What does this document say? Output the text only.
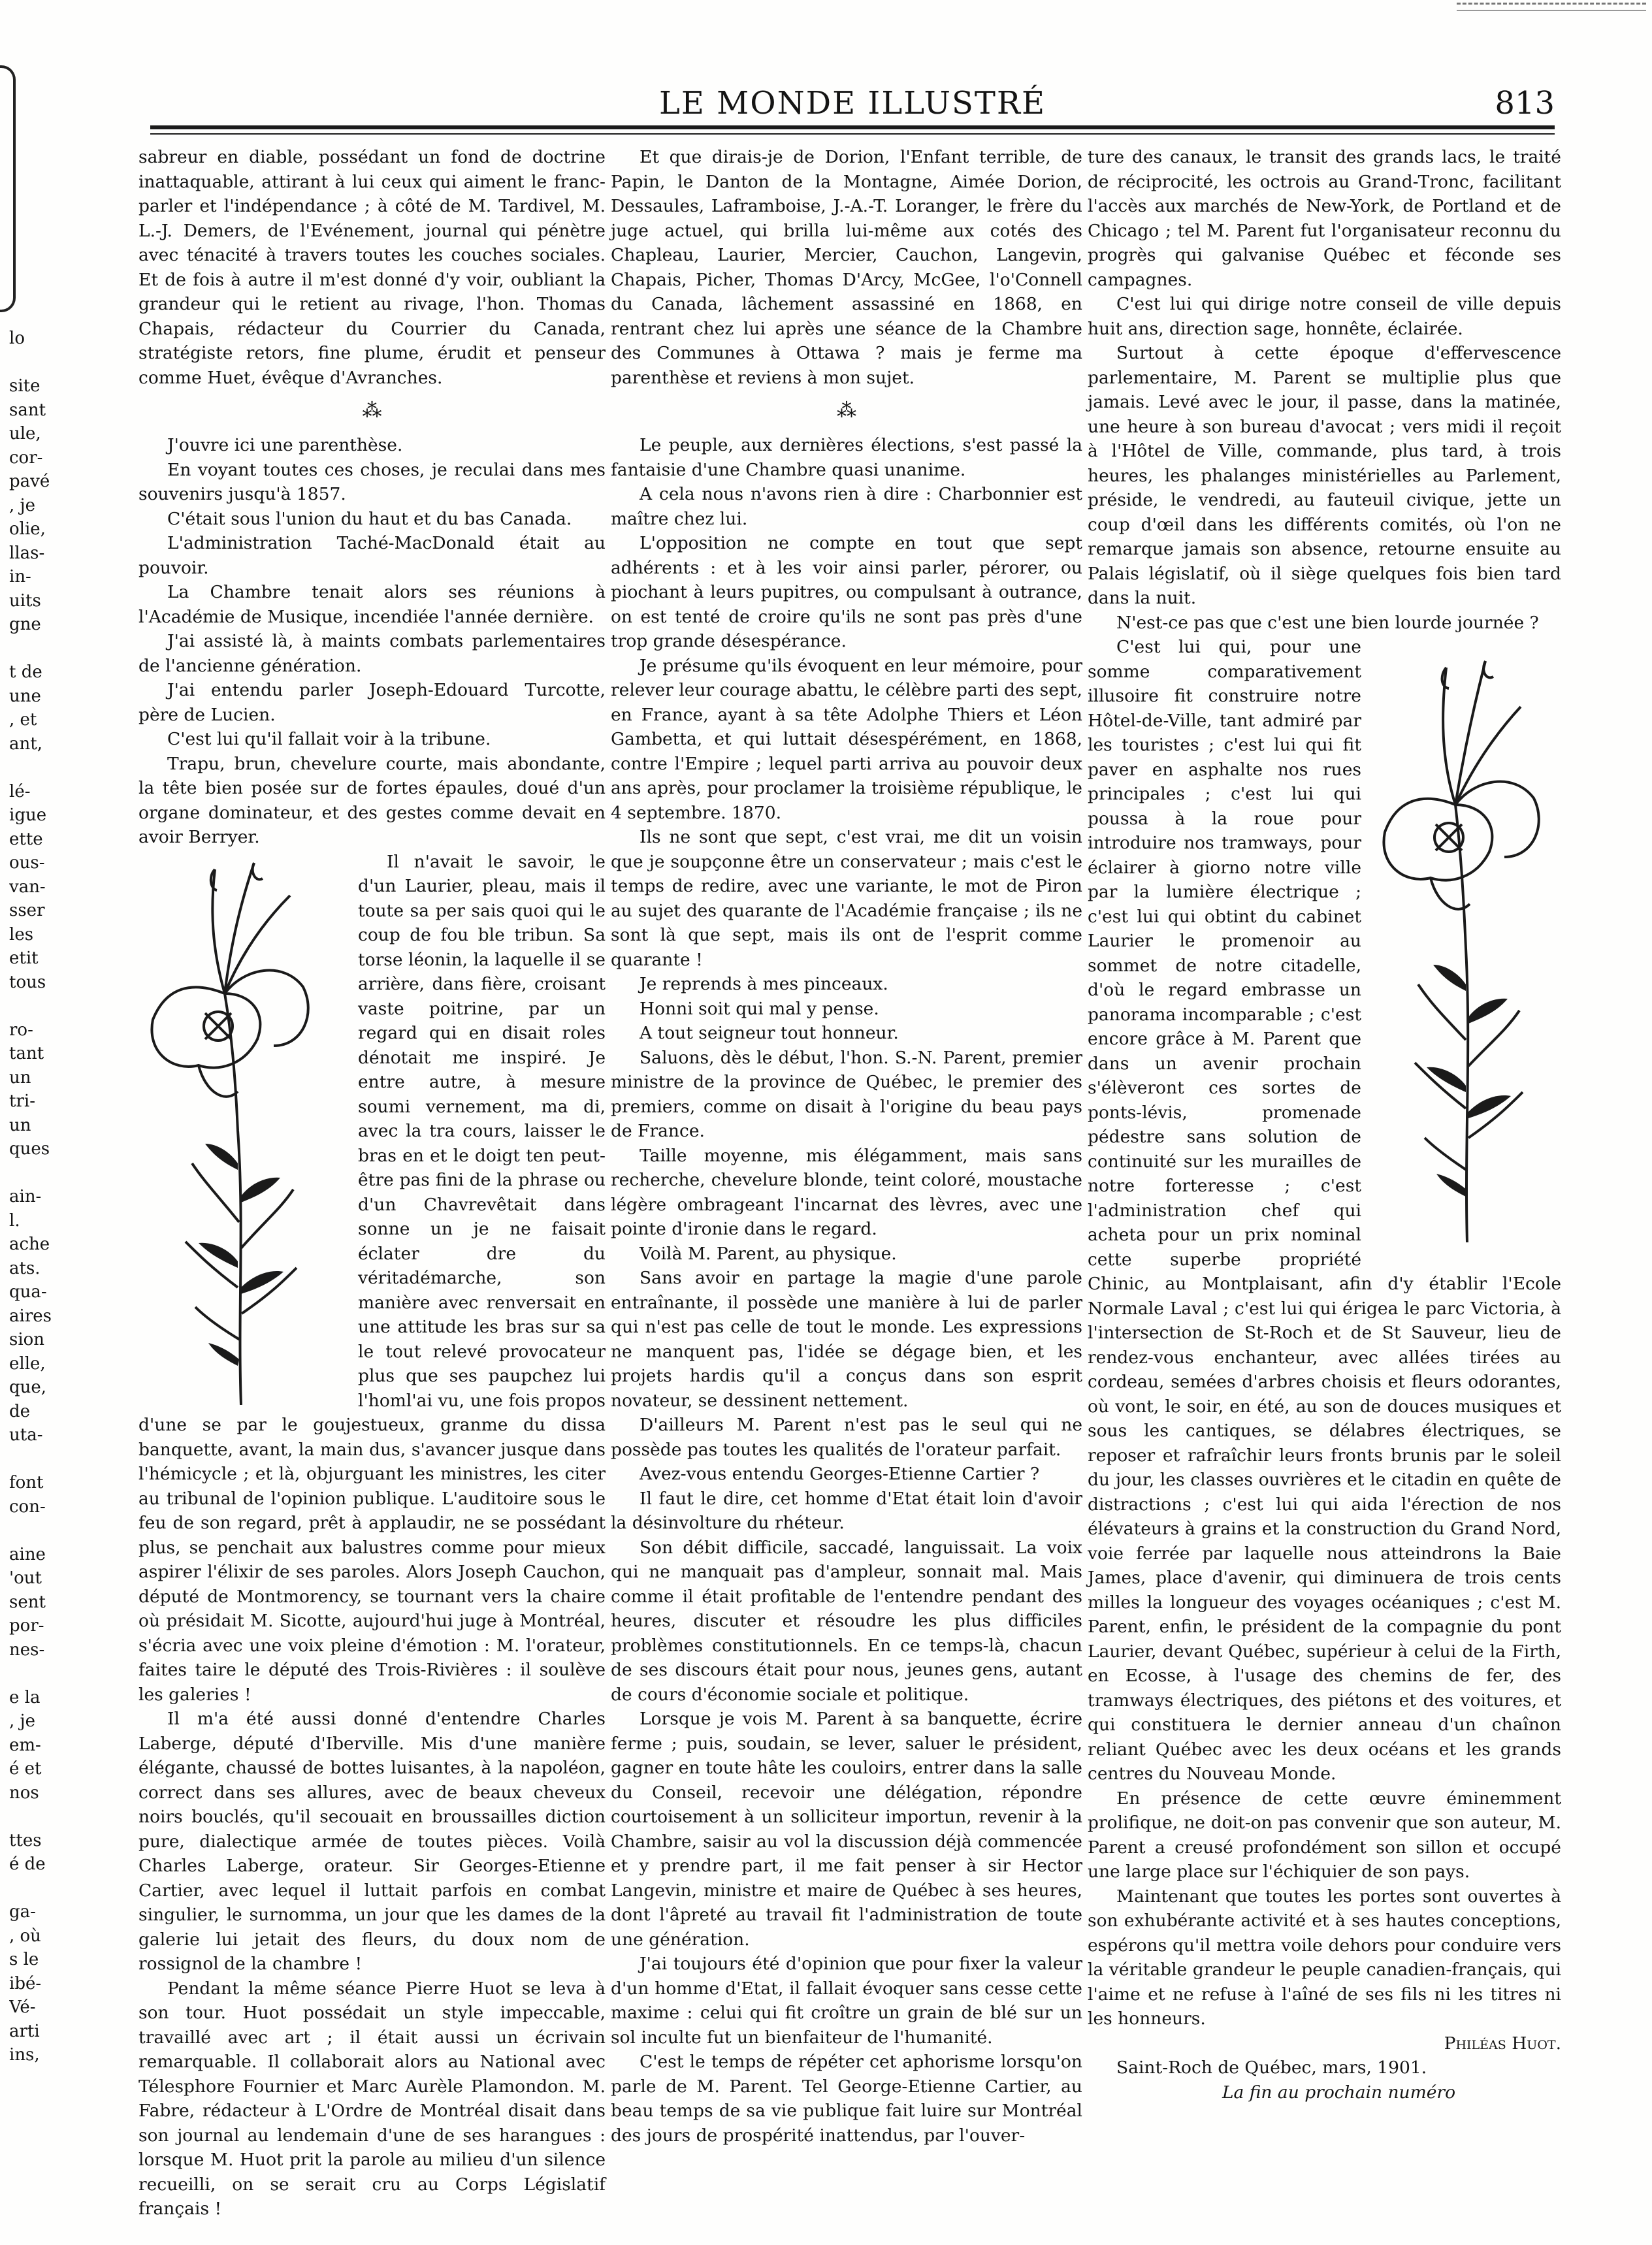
lo
site
sant
ule,
cor-
pavé
, je
olie,
llas-
in-
uits
gne
t de
une
, et
ant,
lé-
igue
ette
ous-
van-
sser
les
etit
tous
ro-
tant
un
tri-
un
ques
ain-
l.
ache
ats.
qua-
aires
sion
elle,
que,
de
uta-
font
con-
aine
'out
sent
por-
nes-
e la
, je
em-
é et
nos
ttes
é de
ga-
, où
s le
ibé-
Vé-
arti
ins,
LE MONDE ILLUSTRÉ	813

sabreur en diable, possédant un fond de doctrine inattaquable, attirant à lui ceux qui aiment le franc-parler et l'indépendance ; à côté de M. Tardivel, M. L.-J. Demers, de l'Evénement, journal qui pénètre avec ténacité à travers toutes les couches sociales. Et de fois à autre il m'est donné d'y voir, oubliant la grandeur qui le retient au rivage, l'hon. Thomas Chapais, rédacteur du Courrier du Canada, stratégiste retors, fine plume, érudit et penseur comme Huet, évêque d'Avranches.

⁂

J'ouvre ici une parenthèse.

En voyant toutes ces choses, je reculai dans mes souvenirs jusqu'à 1857.

C'était sous l'union du haut et du bas Canada.

L'administration Taché-MacDonald était au pouvoir.

La Chambre tenait alors ses réunions à l'Académie de Musique, incendiée l'année dernière.

J'ai assisté là, à maints combats parlementaires de l'ancienne génération.

J'ai entendu parler Joseph-Edouard Turcotte, père de Lucien.

C'est lui qu'il fallait voir à la tribune.

Trapu, brun, chevelure courte, mais abondante, la tête bien posée sur de fortes épaules, doué d'un organe dominateur, et des gestes comme devait en avoir Berryer.

Il n'avait le savoir, le d'un Laurier, pleau, mais il toute sa per sais quoi qui le coup de fou ble tribun. Sa torse léonin, la laquelle il se arrière, dans fière, croisant vaste poitrine, par un regard qui en disait roles dénotait me inspiré. Je entre autre, à mesure soumi vernement, ma di, avec la tra cours, laisser le bras en et le doigt ten peut-être pas fini de la phrase ou d'un Chavrevêtait dans sonne un je ne faisait éclater dre du véritadémarche, son manière avec renversait en une attitude les bras sur sa le tout relevé provocateur plus que ses paupchez lui l'homl'ai vu, une fois propos d'une se par le goujestueux, granme du dissa banquette, avant, la main dus, s'avancer jusque dans l'hémicycle ; et là, objurguant les ministres, les citer au tribunal de l'opinion publique. L'auditoire sous le feu de son regard, prêt à applaudir, ne se possédant plus, se penchait aux balustres comme pour mieux aspirer l'élixir de ses paroles. Alors Joseph Cauchon, député de Montmorency, se tournant vers la chaire où présidait M. Sicotte, aujourd'hui juge à Montréal, s'écria avec une voix pleine d'émotion : M. l'orateur, faites taire le député des Trois-Rivières : il soulève les galeries !

Il m'a été aussi donné d'entendre Charles Laberge, député d'Iberville. Mis d'une manière élégante, chaussé de bottes luisantes, à la napoléon, correct dans ses allures, avec de beaux cheveux noirs bouclés, qu'il secouait en broussailles diction pure, dialectique armée de toutes pièces. Voilà Charles Laberge, orateur. Sir Georges-Etienne Cartier, avec lequel il luttait parfois en combat singulier, le surnomma, un jour que les dames de la galerie lui jetait des fleurs, du doux nom de rossignol de la chambre !

Pendant la même séance Pierre Huot se leva à son tour. Huot possédait un style impeccable, travaillé avec art ; il était aussi un écrivain remarquable. Il collaborait alors au National avec Télesphore Fournier et Marc Aurèle Plamondon. M. Fabre, rédacteur à L'Ordre de Montréal disait dans son journal au lendemain d'une de ses harangues : lorsque M. Huot prit la parole au milieu d'un silence recueilli, on se serait cru au Corps Législatif français !

Et que dirais-je de Dorion, l'Enfant terrible, de Papin, le Danton de la Montagne, Aimée Dorion, Dessaules, Laframboise, J.-A.-T. Loranger, le frère du juge actuel, qui brilla lui-même aux cotés des Chapleau, Laurier, Mercier, Cauchon, Langevin, Chapais, Picher, Thomas D'Arcy, McGee, l'o'Connell du Canada, lâchement assassiné en 1868, en rentrant chez lui après une séance de la Chambre des Communes à Ottawa ? mais je ferme ma parenthèse et reviens à mon sujet.

⁂

Le peuple, aux dernières élections, s'est passé la fantaisie d'une Chambre quasi unanime.

A cela nous n'avons rien à dire : Charbonnier est maître chez lui.

L'opposition ne compte en tout que sept adhérents : et à les voir ainsi parler, pérorer, ou piochant à leurs pupitres, ou compulsant à outrance, on est tenté de croire qu'ils ne sont pas près d'une trop grande désespérance.

Je présume qu'ils évoquent en leur mémoire, pour relever leur courage abattu, le célèbre parti des sept, en France, ayant à sa tête Adolphe Thiers et Léon Gambetta, et qui luttait désespérément, en 1868, contre l'Empire ; lequel parti arriva au pouvoir deux ans après, pour proclamer la troisième république, le 4 septembre. 1870.

Ils ne sont que sept, c'est vrai, me dit un voisin que je soupçonne être un conservateur ; mais c'est le temps de redire, avec une variante, le mot de Piron au sujet des quarante de l'Académie française ; ils ne sont là que sept, mais ils ont de l'esprit comme quarante !

Je reprends à mes pinceaux.

Honni soit qui mal y pense.

A tout seigneur tout honneur.

Saluons, dès le début, l'hon. S.-N. Parent, premier ministre de la province de Québec, le premier des premiers, comme on disait à l'origine du beau pays de France.

Taille moyenne, mis élégamment, mais sans recherche, chevelure blonde, teint coloré, moustache légère ombrageant l'incarnat des lèvres, avec une pointe d'ironie dans le regard.

Voilà M. Parent, au physique.

Sans avoir en partage la magie d'une parole entraînante, il possède une manière à lui de parler qui n'est pas celle de tout le monde. Les expressions ne manquent pas, l'idée se dégage bien, et les projets hardis qu'il a conçus dans son esprit novateur, se dessinent nettement.

D'ailleurs M. Parent n'est pas le seul qui ne possède pas toutes les qualités de l'orateur parfait.

Avez-vous entendu Georges-Etienne Cartier ?

Il faut le dire, cet homme d'Etat était loin d'avoir la désinvolture du rhéteur.

Son débit difficile, saccadé, languissait. La voix qui ne manquait pas d'ampleur, sonnait mal. Mais comme il était profitable de l'entendre pendant des heures, discuter et résoudre les plus difficiles problèmes constitutionnels. En ce temps-là, chacun de ses discours était pour nous, jeunes gens, autant de cours d'économie sociale et politique.

Lorsque je vois M. Parent à sa banquette, écrire ferme ; puis, soudain, se lever, saluer le président, gagner en toute hâte les couloirs, entrer dans la salle du Conseil, recevoir une délégation, répondre courtoisement à un solliciteur importun, revenir à la Chambre, saisir au vol la discussion déjà commencée et y prendre part, il me fait penser à sir Hector Langevin, ministre et maire de Québec à ses heures, dont l'âpreté au travail fit l'administration de toute une génération.

J'ai toujours été d'opinion que pour fixer la valeur d'un homme d'Etat, il fallait évoquer sans cesse cette maxime : celui qui fit croître un grain de blé sur un sol inculte fut un bienfaiteur de l'humanité.

C'est le temps de répéter cet aphorisme lorsqu'on parle de M. Parent. Tel George-Etienne Cartier, au beau temps de sa vie publique fait luire sur Montréal des jours de prospérité inattendus, par l'ouver-

ture des canaux, le transit des grands lacs, le traité de réciprocité, les octrois au Grand-Tronc, facilitant l'accès aux marchés de New-York, de Portland et de Chicago ; tel M. Parent fut l'organisateur reconnu du progrès qui galvanise Québec et féconde ses campagnes.

C'est lui qui dirige notre conseil de ville depuis huit ans, direction sage, honnête, éclairée.

Surtout à cette époque d'effervescence parlementaire, M. Parent se multiplie plus que jamais. Levé avec le jour, il passe, dans la matinée, une heure à son bureau d'avocat ; vers midi il reçoit à l'Hôtel de Ville, commande, plus tard, à trois heures, les phalanges ministérielles au Parlement, préside, le vendredi, au fauteuil civique, jette un coup d'œil dans les différents comités, où l'on ne remarque jamais son absence, retourne ensuite au Palais législatif, où il siège quelques fois bien tard dans la nuit.

N'est-ce pas que c'est une bien lourde journée ?

C'est lui qui, pour une somme comparativement illusoire fit construire notre Hôtel-de-Ville, tant admiré par les touristes ; c'est lui qui fit paver en asphalte nos rues principales ; c'est lui qui poussa à la roue pour introduire nos tramways, pour éclairer à giorno notre ville par la lumière électrique ; c'est lui qui obtint du cabinet Laurier le promenoir au sommet de notre citadelle, d'où le regard embrasse un panorama incomparable ; c'est encore grâce à M. Parent que dans un avenir prochain s'élèveront ces sortes de ponts-lévis, promenade pédestre sans solution de continuité sur les murailles de notre forteresse ; c'est l'administration chef qui acheta pour un prix nominal cette superbe propriété Chinic, au Montplaisant, afin d'y établir l'Ecole Normale Laval ; c'est lui qui érigea le parc Victoria, à l'intersection de St-Roch et de St Sauveur, lieu de rendez-vous enchanteur, avec allées tirées au cordeau, semées d'arbres choisis et fleurs odorantes, où vont, le soir, en été, au son de douces musiques et sous les cantiques, se délabres électriques, se reposer et rafraîchir leurs fronts brunis par le soleil du jour, les classes ouvrières et le citadin en quête de distractions ; c'est lui qui aida l'érection de nos élévateurs à grains et la construction du Grand Nord, voie ferrée par laquelle nous atteindrons la Baie James, place d'avenir, qui diminuera de trois cents milles la longueur des voyages océaniques ; c'est M. Parent, enfin, le président de la compagnie du pont Laurier, devant Québec, supérieur à celui de la Firth, en Ecosse, à l'usage des chemins de fer, des tramways électriques, des piétons et des voitures, et qui constituera le dernier anneau d'un chaînon reliant Québec avec les deux océans et les grands centres du Nouveau Monde.

En présence de cette œuvre éminemment prolifique, ne doit-on pas convenir que son auteur, M. Parent a creusé profondément son sillon et occupé une large place sur l'échiquier de son pays.

Maintenant que toutes les portes sont ouvertes à son exhubérante activité et à ses hautes conceptions, espérons qu'il mettra voile dehors pour conduire vers la véritable grandeur le peuple canadien-français, qui l'aime et ne refuse à l'aîné de ses fils ni les titres ni les honneurs.

Philéas Huot.

Saint-Roch de Québec, mars, 1901.

La fin au prochain numéro
